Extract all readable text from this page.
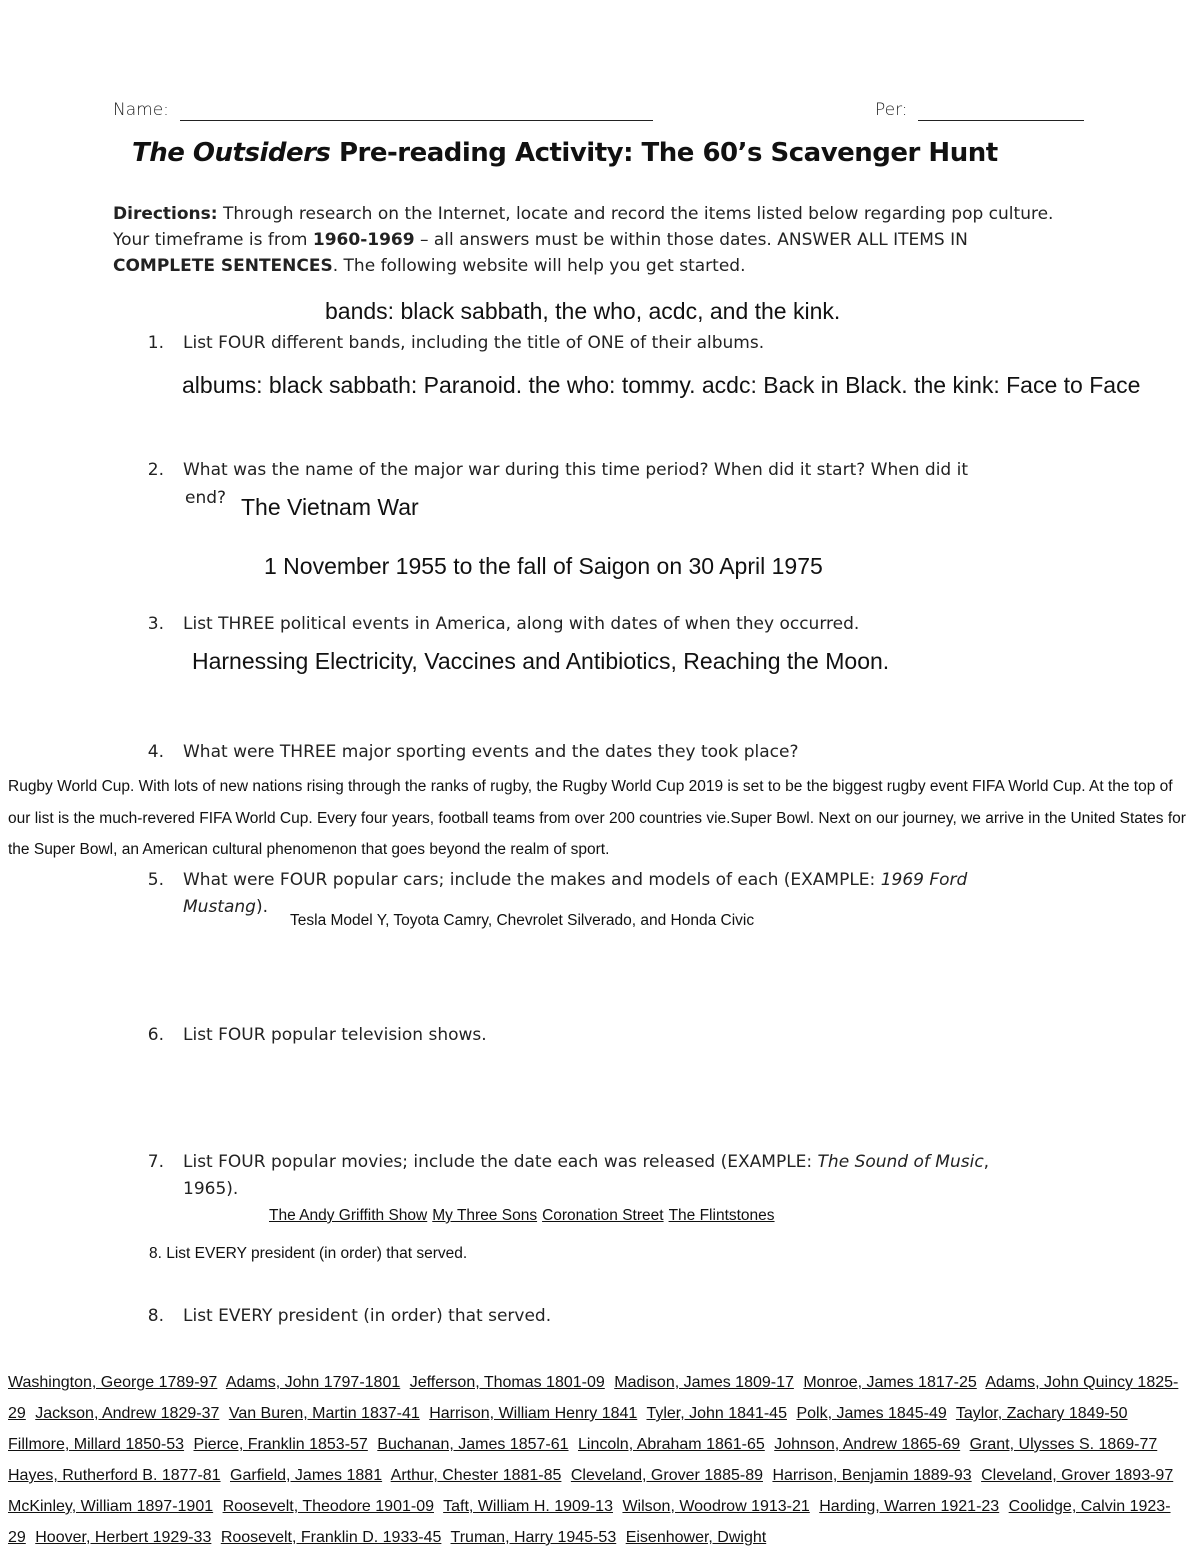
Name:	Per:
The Outsiders Pre-reading Activity: The 60’s Scavenger Hunt
Directions: Through research on the Internet, locate and record the items listed below regarding pop culture. Your timeframe is from 1960-1969 – all answers must be within those dates. ANSWER ALL ITEMS IN COMPLETE SENTENCES. The following website will help you get started.
bands: black sabbath, the who, acdc, and the kink.
1. List FOUR different bands, including the title of ONE of their albums.
albums: black sabbath: Paranoid. the who: tommy. acdc: Back in Black. the kink: Face to Face
2. What was the name of the major war during this time period? When did it start? When did it
end? The Vietnam War
1 November 1955 to the fall of Saigon on 30 April 1975
3. List THREE political events in America, along with dates of when they occurred.
Harnessing Electricity, Vaccines and Antibiotics, Reaching the Moon.
4. What were THREE major sporting events and the dates they took place?
Rugby World Cup. With lots of new nations rising through the ranks of rugby, the Rugby World Cup 2019 is set to be the biggest rugby event FIFA World Cup. At the top of our list is the much-revered FIFA World Cup. Every four years, football teams from over 200 countries vie.Super Bowl. Next on our journey, we arrive in the United States for the Super Bowl, an American cultural phenomenon that goes beyond the realm of sport.
5. What were FOUR popular cars; include the makes and models of each (EXAMPLE: 1969 Ford
Mustang).
Tesla Model Y, Toyota Camry, Chevrolet Silverado, and Honda Civic
6. List FOUR popular television shows.
7. List FOUR popular movies; include the date each was released (EXAMPLE: The Sound of Music,
1965).
The Andy Griffith Show My Three Sons Coronation Street The Flintstones
8. List EVERY president (in order) that served.
8. List EVERY president (in order) that served.
Washington, George 1789-97 Adams, John 1797-1801 Jefferson, Thomas 1801-09 Madison, James 1809-17 Monroe, James 1817-25 Adams, John Quincy 1825-29 Jackson, Andrew 1829-37 Van Buren, Martin 1837-41 Harrison, William Henry 1841 Tyler, John 1841-45 Polk, James 1845-49 Taylor, Zachary 1849-50 Fillmore, Millard 1850-53 Pierce, Franklin 1853-57 Buchanan, James 1857-61 Lincoln, Abraham 1861-65 Johnson, Andrew 1865-69 Grant, Ulysses S. 1869-77 Hayes, Rutherford B. 1877-81 Garfield, James 1881 Arthur, Chester 1881-85 Cleveland, Grover 1885-89 Harrison, Benjamin 1889-93 Cleveland, Grover 1893-97 McKinley, William 1897-1901 Roosevelt, Theodore 1901-09 Taft, William H. 1909-13 Wilson, Woodrow 1913-21 Harding, Warren 1921-23 Coolidge, Calvin 1923-29 Hoover, Herbert 1929-33 Roosevelt, Franklin D. 1933-45 Truman, Harry 1945-53 Eisenhower, Dwight
